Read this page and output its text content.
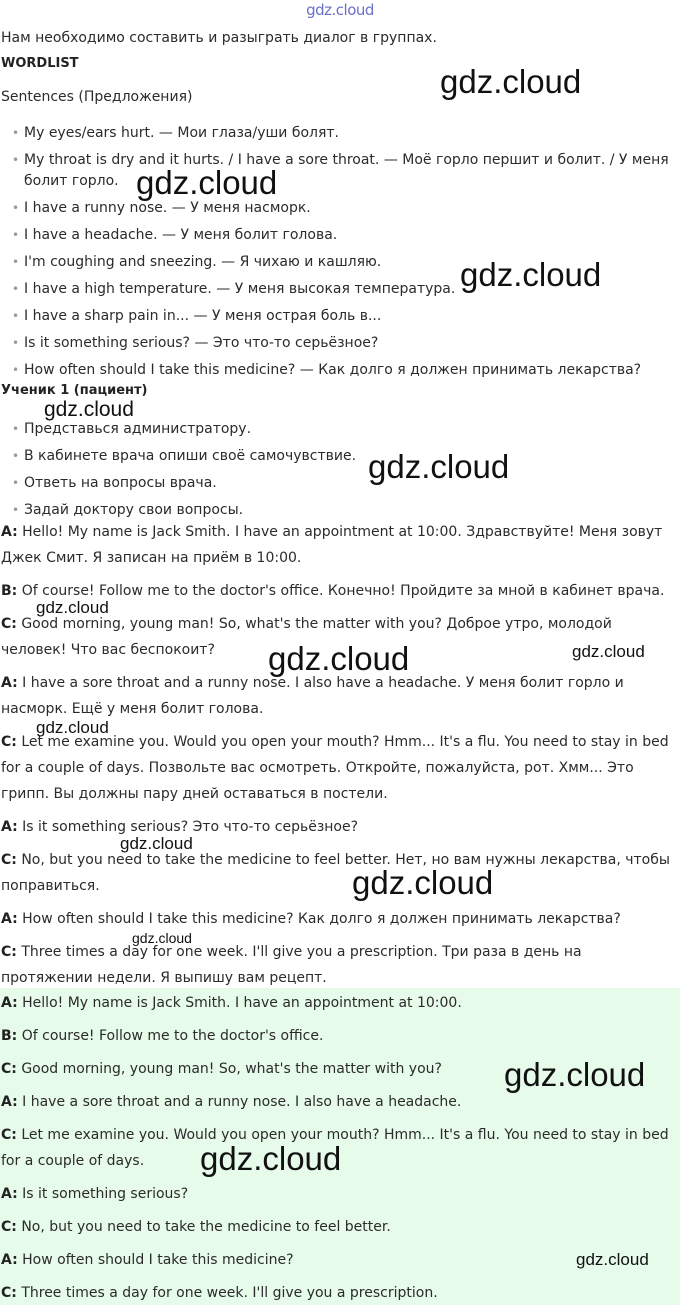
gdz.cloud

Нам необходимо составить и разыграть диалог в группах.

WORDLIST

Sentences (Предложения)

• My eyes/ears hurt. — Мои глаза/уши болят.
• My throat is dry and it hurts. / I have a sore throat. — Моё горло першит и болит. / У меня
болит горло.
• I have a runny nose. — У меня насморк.
• I have a headache. — У меня болит голова.
• I'm coughing and sneezing. — Я чихаю и кашляю.
• I have a high temperature. — У меня высокая температура.
• I have a sharp pain in... — У меня острая боль в...
• Is it something serious? — Это что-то серьёзное?
• How often should I take this medicine? — Как долго я должен принимать лекарства?

Ученик 1 (пациент)

• Представься администратору.
• В кабинете врача опиши своё самочувствие.
• Ответь на вопросы врача.
• Задай доктору свои вопросы.

A: Hello! My name is Jack Smith. I have an appointment at 10:00. Здравствуйте! Меня зовут Джек Смит. Я записан на приём в 10:00.

B: Of course! Follow me to the doctor's office. Конечно! Пройдите за мной в кабинет врача.

C: Good morning, young man! So, what's the matter with you? Доброе утро, молодой человек! Что вас беспокоит?

A: I have a sore throat and a runny nose. I also have a headache. У меня болит горло и насморк. Ещё у меня болит голова.

C: Let me examine you. Would you open your mouth? Hmm... It's a flu. You need to stay in bed for a couple of days. Позвольте вас осмотреть. Откройте, пожалуйста, рот. Хмм... Это грипп. Вы должны пару дней оставаться в постели.

A: Is it something serious? Это что-то серьёзное?

C: No, but you need to take the medicine to feel better. Нет, но вам нужны лекарства, чтобы поправиться.

A: How often should I take this medicine? Как долго я должен принимать лекарства?

C: Three times a day for one week. I'll give you a prescription. Три раза в день на протяжении недели. Я выпишу вам рецепт.

A: Hello! My name is Jack Smith. I have an appointment at 10:00.

B: Of course! Follow me to the doctor's office.

C: Good morning, young man! So, what's the matter with you?

A: I have a sore throat and a runny nose. I also have a headache.

C: Let me examine you. Would you open your mouth? Hmm... It's a flu. You need to stay in bed for a couple of days.

A: Is it something serious?

C: No, but you need to take the medicine to feel better.

A: How often should I take this medicine?

C: Three times a day for one week. I'll give you a prescription.

gdz.cloud
gdz.cloud
gdz.cloud
gdz.cloud
gdz.cloud
gdz.cloud
gdz.cloud	gdz.cloud
gdz.cloud
gdz.cloud
gdz.cloud
gdz.cloud
gdz.cloud
gdz.cloud
gdz.cloud
